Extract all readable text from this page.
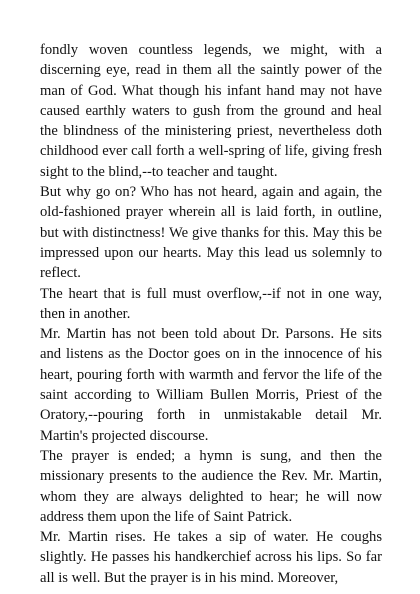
fondly woven countless legends, we might, with a discerning eye, read in them all the saintly power of the man of God. What though his infant hand may not have caused earthly waters to gush from the ground and heal the blindness of the ministering priest, nevertheless doth childhood ever call forth a well-spring of life, giving fresh sight to the blind,--to teacher and taught.

But why go on? Who has not heard, again and again, the old-fashioned prayer wherein all is laid forth, in outline, but with distinctness! We give thanks for this. May this be impressed upon our hearts. May this lead us solemnly to reflect.

The heart that is full must overflow,--if not in one way, then in another.

Mr. Martin has not been told about Dr. Parsons. He sits and listens as the Doctor goes on in the innocence of his heart, pouring forth with warmth and fervor the life of the saint according to William Bullen Morris, Priest of the Oratory,--pouring forth in unmistakable detail Mr. Martin's projected discourse.

The prayer is ended; a hymn is sung, and then the missionary presents to the audience the Rev. Mr. Martin, whom they are always delighted to hear; he will now address them upon the life of Saint Patrick.

Mr. Martin rises. He takes a sip of water. He coughs slightly. He passes his handkerchief across his lips. So far all is well. But the prayer is in his mind. Moreover,
